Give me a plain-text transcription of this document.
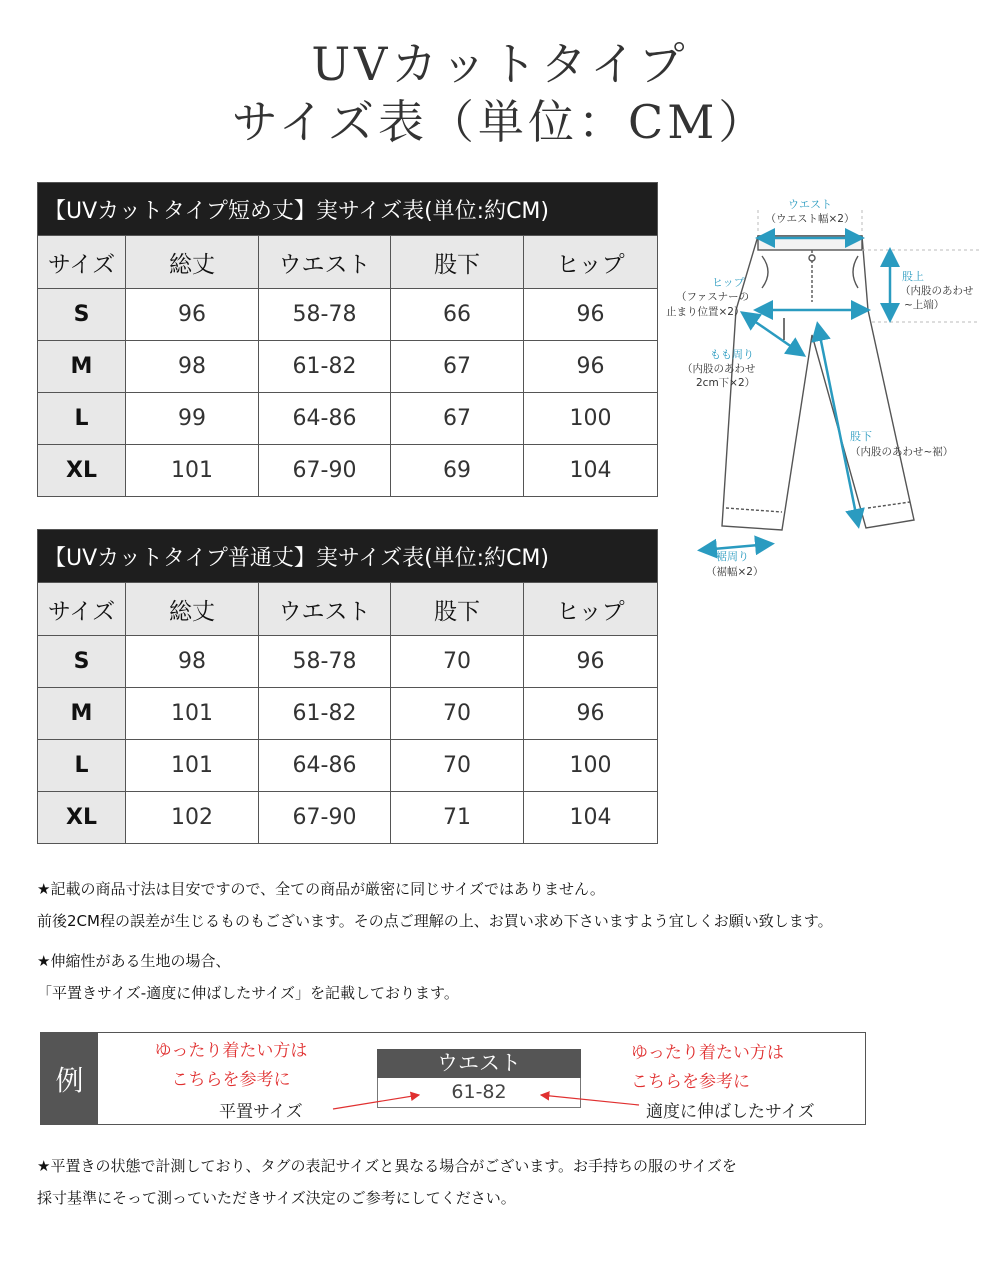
UVカットタイプ
サイズ表（単位：CM）
【UVカットタイプ短め丈】実サイズ表(単位:約CM)				
サイズ	総丈	ウエスト	股下	ヒップ
S	96	58-78	66	96
M	98	61-82	67	96
L	99	64-86	67	100
XL	101	67-90	69	104
【UVカットタイプ普通丈】実サイズ表(単位:約CM)				
サイズ	総丈	ウエスト	股下	ヒップ
S	98	58-78	70	96
M	101	61-82	70	96
L	101	64-86	70	100
XL	102	67-90	71	104
ウエスト
（ウエスト幅×2）
ヒップ
（ファスナーの
止まり位置×2）
股上
（内股のあわせ
~上端）
もも周り
（内股のあわせ
2cm下×2）
股下
（内股のあわせ~裾）
裾周り
（裾幅×2）
★記載の商品寸法は目安ですので、全ての商品が厳密に同じサイズではありません。
前後2CM程の誤差が生じるものもございます。その点ご理解の上、お買い求め下さいますよう宜しくお願い致します。
★伸縮性がある生地の場合、
「平置きサイズ-適度に伸ばしたサイズ」を記載しております。
例
ゆったり着たい方は
こちらを参考に
平置サイズ
ウエスト
61-82
ゆったり着たい方は
こちらを参考に
適度に伸ばしたサイズ
★平置きの状態で計測しており、タグの表記サイズと異なる場合がございます。お手持ちの服のサイズを
採寸基準にそって測っていただきサイズ決定のご参考にしてください。
